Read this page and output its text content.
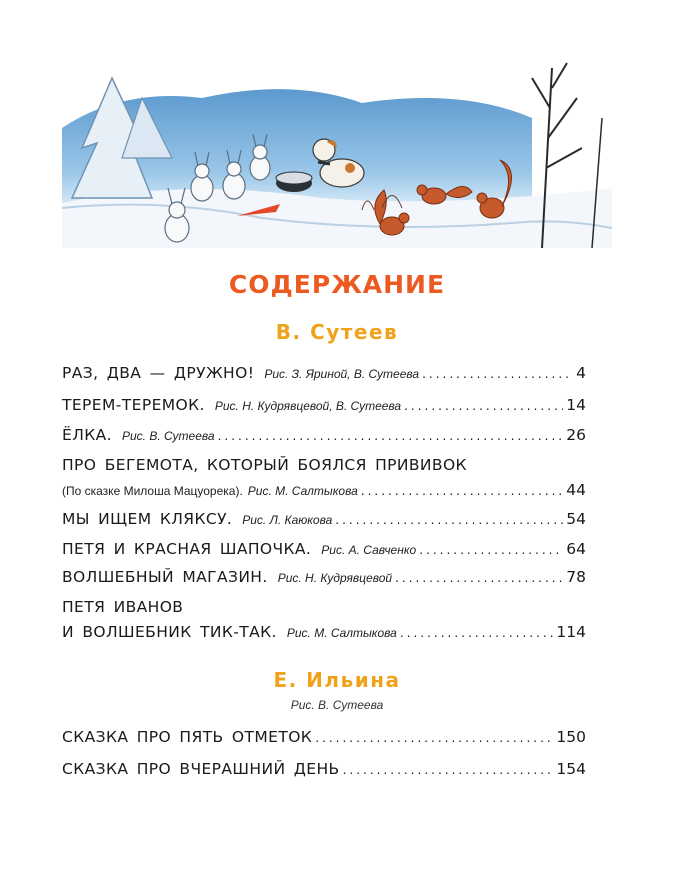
СОДЕРЖАНИЕ
В. Сутеев
РАЗ, ДВА — ДРУЖНО! Рис. З. Яриной, В. Сутеева .....	4
ТЕРЕМ-ТЕРЕМОК. Рис. Н. Кудрявцевой, В. Сутеева .....	14
ЁЛКА. Рис. В. Сутеева .....	26
ПРО БЕГЕМОТА, КОТОРЫЙ БОЯЛСЯ ПРИВИВОК
(По сказке Милоша Мацуорека). Рис. М. Салтыкова .....	44
МЫ ИЩЕМ КЛЯКСУ. Рис. Л. Каюкова .....	54
ПЕТЯ И КРАСНАЯ ШАПОЧКА. Рис. А. Савченко .....	64
ВОЛШЕБНЫЙ МАГАЗИН. Рис. Н. Кудрявцевой .....	78
ПЕТЯ ИВАНОВ
И ВОЛШЕБНИК ТИК-ТАК. Рис. М. Салтыкова .....	114
Е. Ильина
Рис. В. Сутеева
СКАЗКА ПРО ПЯТЬ ОТМЕТОК .....	150
СКАЗКА ПРО ВЧЕРАШНИЙ ДЕНЬ .....	154
